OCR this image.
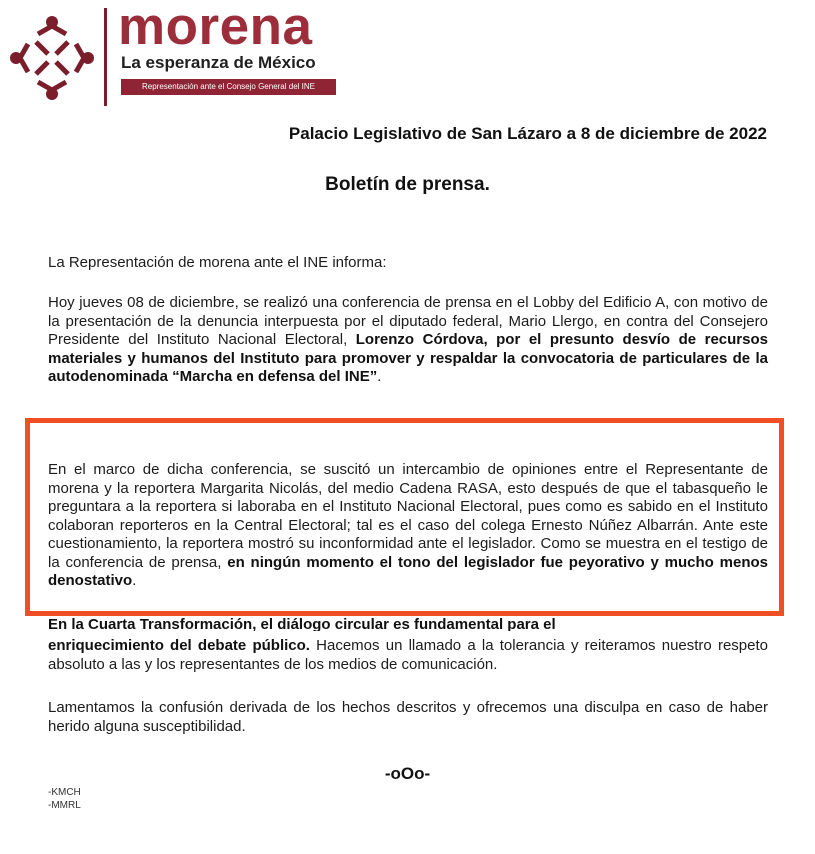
morena
La esperanza de México
Representación ante el Consejo General del INE
Palacio Legislativo de San Lázaro a 8 de diciembre de 2022
Boletín de prensa.
La Representación de morena ante el INE informa:
Hoy jueves 08 de diciembre, se realizó una conferencia de prensa en el Lobby del Edificio A, con motivo de la presentación de la denuncia interpuesta por el diputado federal, Mario Llergo, en contra del Consejero Presidente del Instituto Nacional Electoral, Lorenzo Córdova, por el presunto desvío de recursos materiales y humanos del Instituto para promover y respaldar la convocatoria de particulares de la autodenominada “Marcha en defensa del INE”.
En el marco de dicha conferencia, se suscitó un intercambio de opiniones entre el Representante de morena y la reportera Margarita Nicolás, del medio Cadena RASA, esto después de que el tabasqueño le preguntara a la reportera si laboraba en el Instituto Nacional Electoral, pues como es sabido en el Instituto colaboran reporteros en la Central Electoral; tal es el caso del colega Ernesto Núñez Albarrán. Ante este cuestionamiento, la reportera mostró su inconformidad ante el legislador. Como se muestra en el testigo de la conferencia de prensa, en ningún momento el tono del legislador fue peyorativo y mucho menos denostativo.
En la Cuarta Transformación, el diálogo circular es fundamental para el
enriquecimiento del debate público. Hacemos un llamado a la tolerancia y reiteramos nuestro respeto absoluto a las y los representantes de los medios de comunicación.
Lamentamos la confusión derivada de los hechos descritos y ofrecemos una disculpa en caso de haber herido alguna susceptibilidad.
-oOo-
-KMCH
-MMRL
